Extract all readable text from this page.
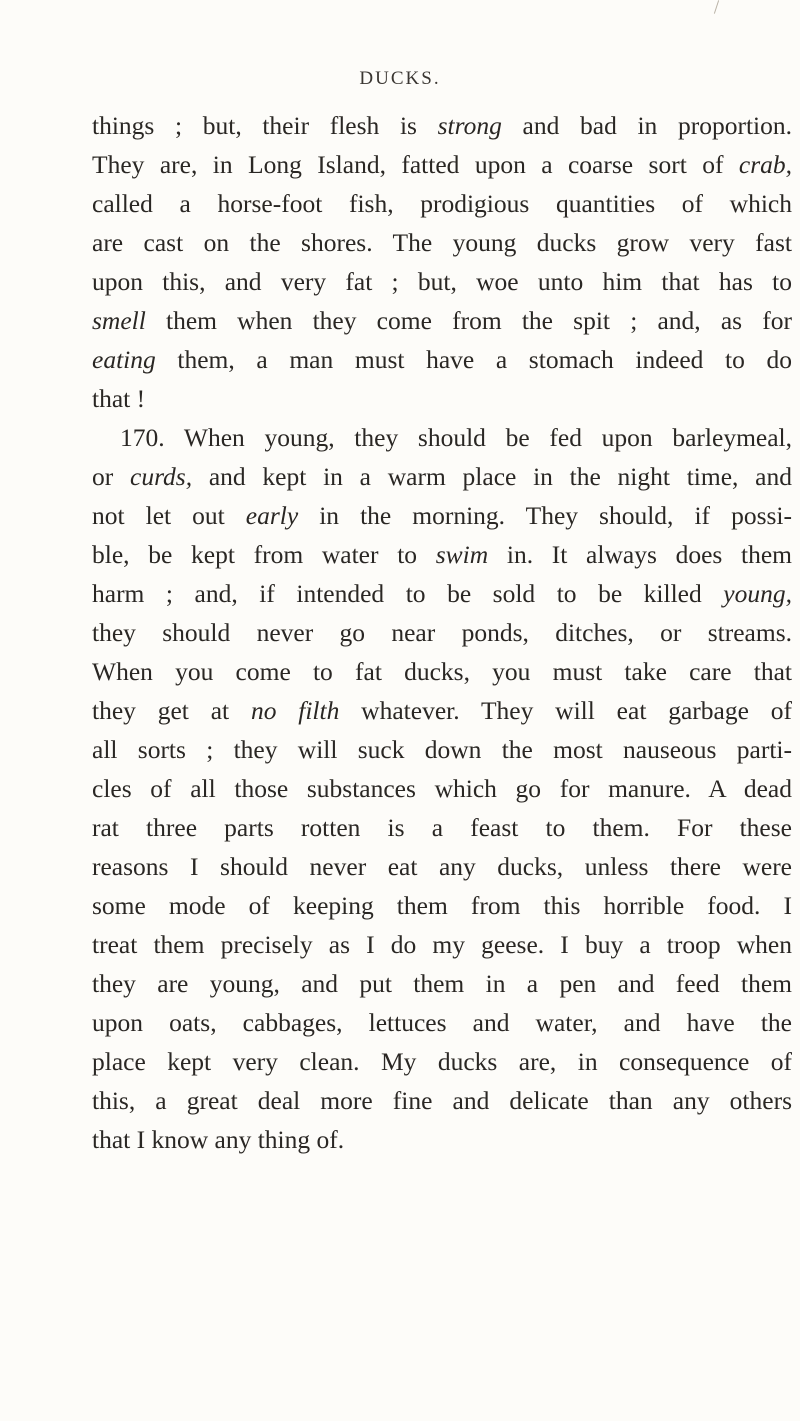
DUCKS.
things ; but, their flesh is strong and bad in proportion.
They are, in Long Island, fatted upon a coarse sort of crab,
called a horse-foot fish, prodigious quantities of which
are cast on the shores. The young ducks grow very fast
upon this, and very fat ; but, woe unto him that has to
smell them when they come from the spit ; and, as for
eating them, a man must have a stomach indeed to do
that !
170. When young, they should be fed upon barleymeal,
or curds, and kept in a warm place in the night time, and
not let out early in the morning. They should, if possi-
ble, be kept from water to swim in. It always does them
harm ; and, if intended to be sold to be killed young,
they should never go near ponds, ditches, or streams.
When you come to fat ducks, you must take care that
they get at no filth whatever. They will eat garbage of
all sorts ; they will suck down the most nauseous parti-
cles of all those substances which go for manure. A dead
rat three parts rotten is a feast to them. For these
reasons I should never eat any ducks, unless there were
some mode of keeping them from this horrible food. I
treat them precisely as I do my geese. I buy a troop when
they are young, and put them in a pen and feed them
upon oats, cabbages, lettuces and water, and have the
place kept very clean. My ducks are, in consequence of
this, a great deal more fine and delicate than any others
that I know any thing of.
